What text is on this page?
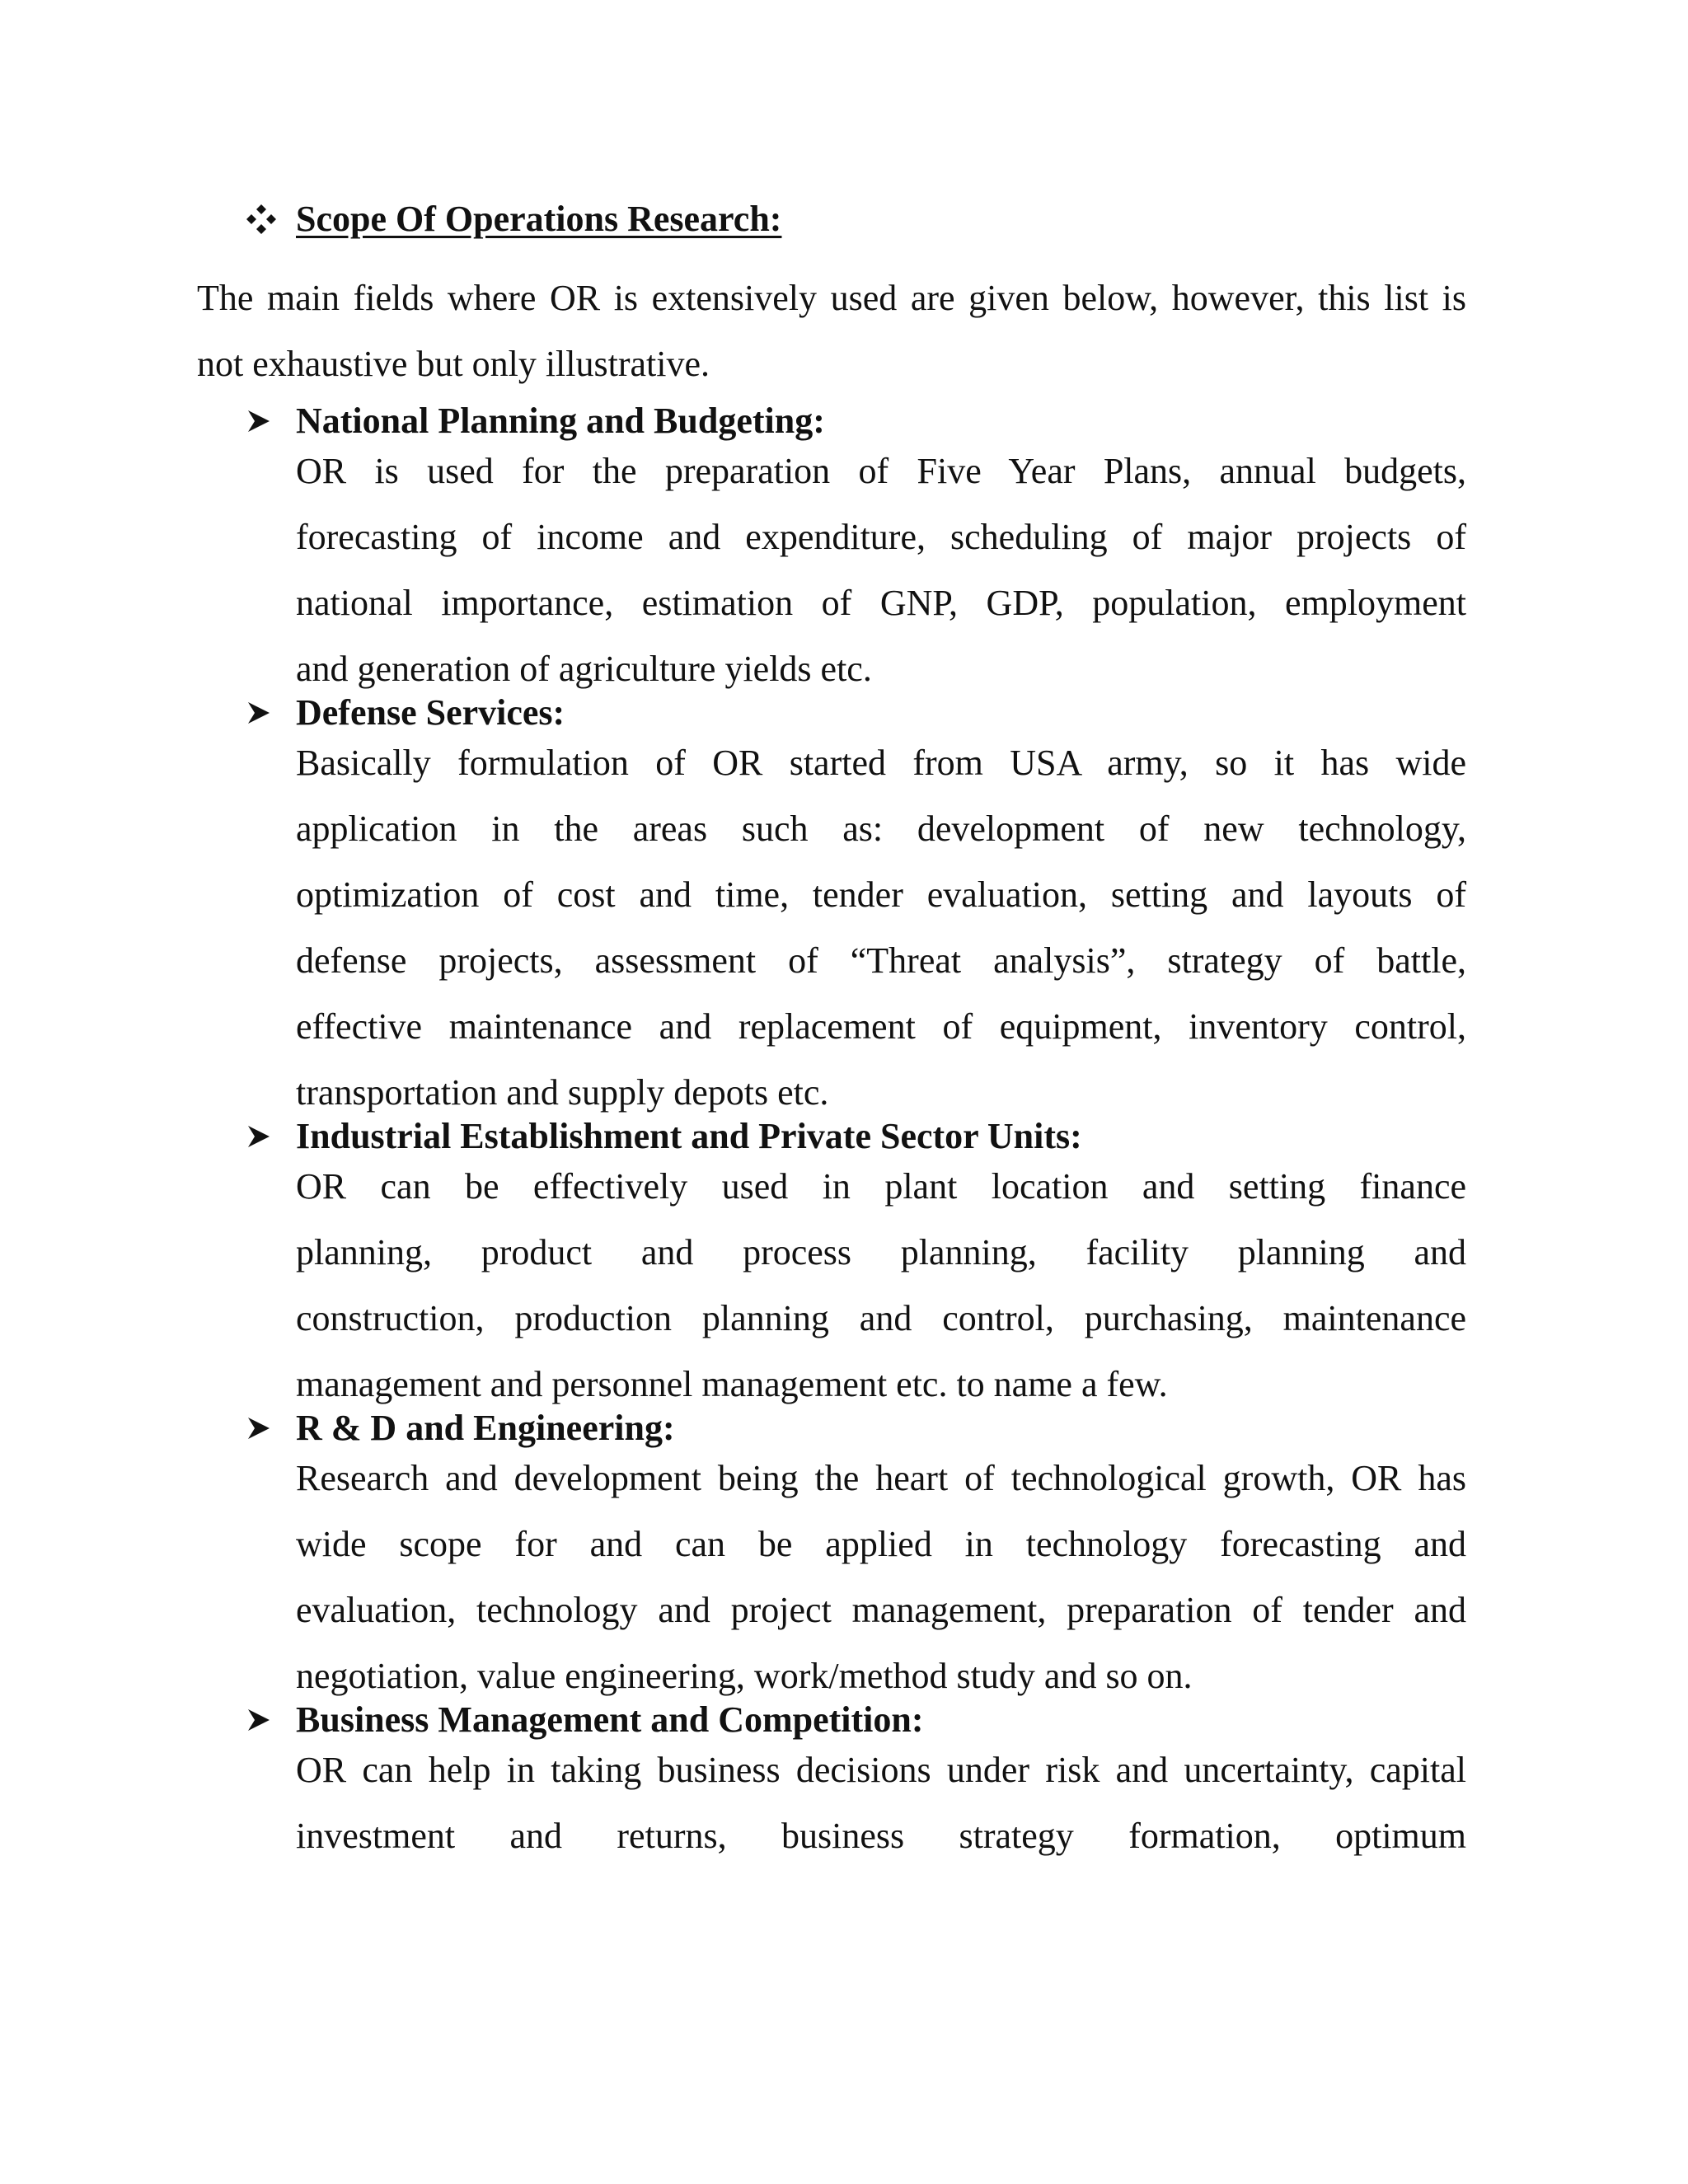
Scope Of Operations Research:
The main fields where OR is extensively used are given below, however, this list is
not exhaustive but only illustrative.
National Planning and Budgeting:
OR is used for the preparation of Five Year Plans, annual budgets,
forecasting of income and expenditure, scheduling of major projects of
national importance, estimation of GNP, GDP, population, employment
and generation of agriculture yields etc.
Defense Services:
Basically formulation of OR started from USA army, so it has wide
application in the areas such as: development of new technology,
optimization of cost and time, tender evaluation, setting and layouts of
defense projects, assessment of “Threat analysis”, strategy of battle,
effective maintenance and replacement of equipment, inventory control,
transportation and supply depots etc.
Industrial Establishment and Private Sector Units:
OR can be effectively used in plant location and setting finance
planning, product and process planning, facility planning and
construction, production planning and control, purchasing, maintenance
management and personnel management etc. to name a few.
R & D and Engineering:
Research and development being the heart of technological growth, OR has
wide scope for and can be applied in technology forecasting and
evaluation, technology and project management, preparation of tender and
negotiation, value engineering, work/method study and so on.
Business Management and Competition:
OR can help in taking business decisions under risk and uncertainty, capital
investment and returns, business strategy formation, optimum
